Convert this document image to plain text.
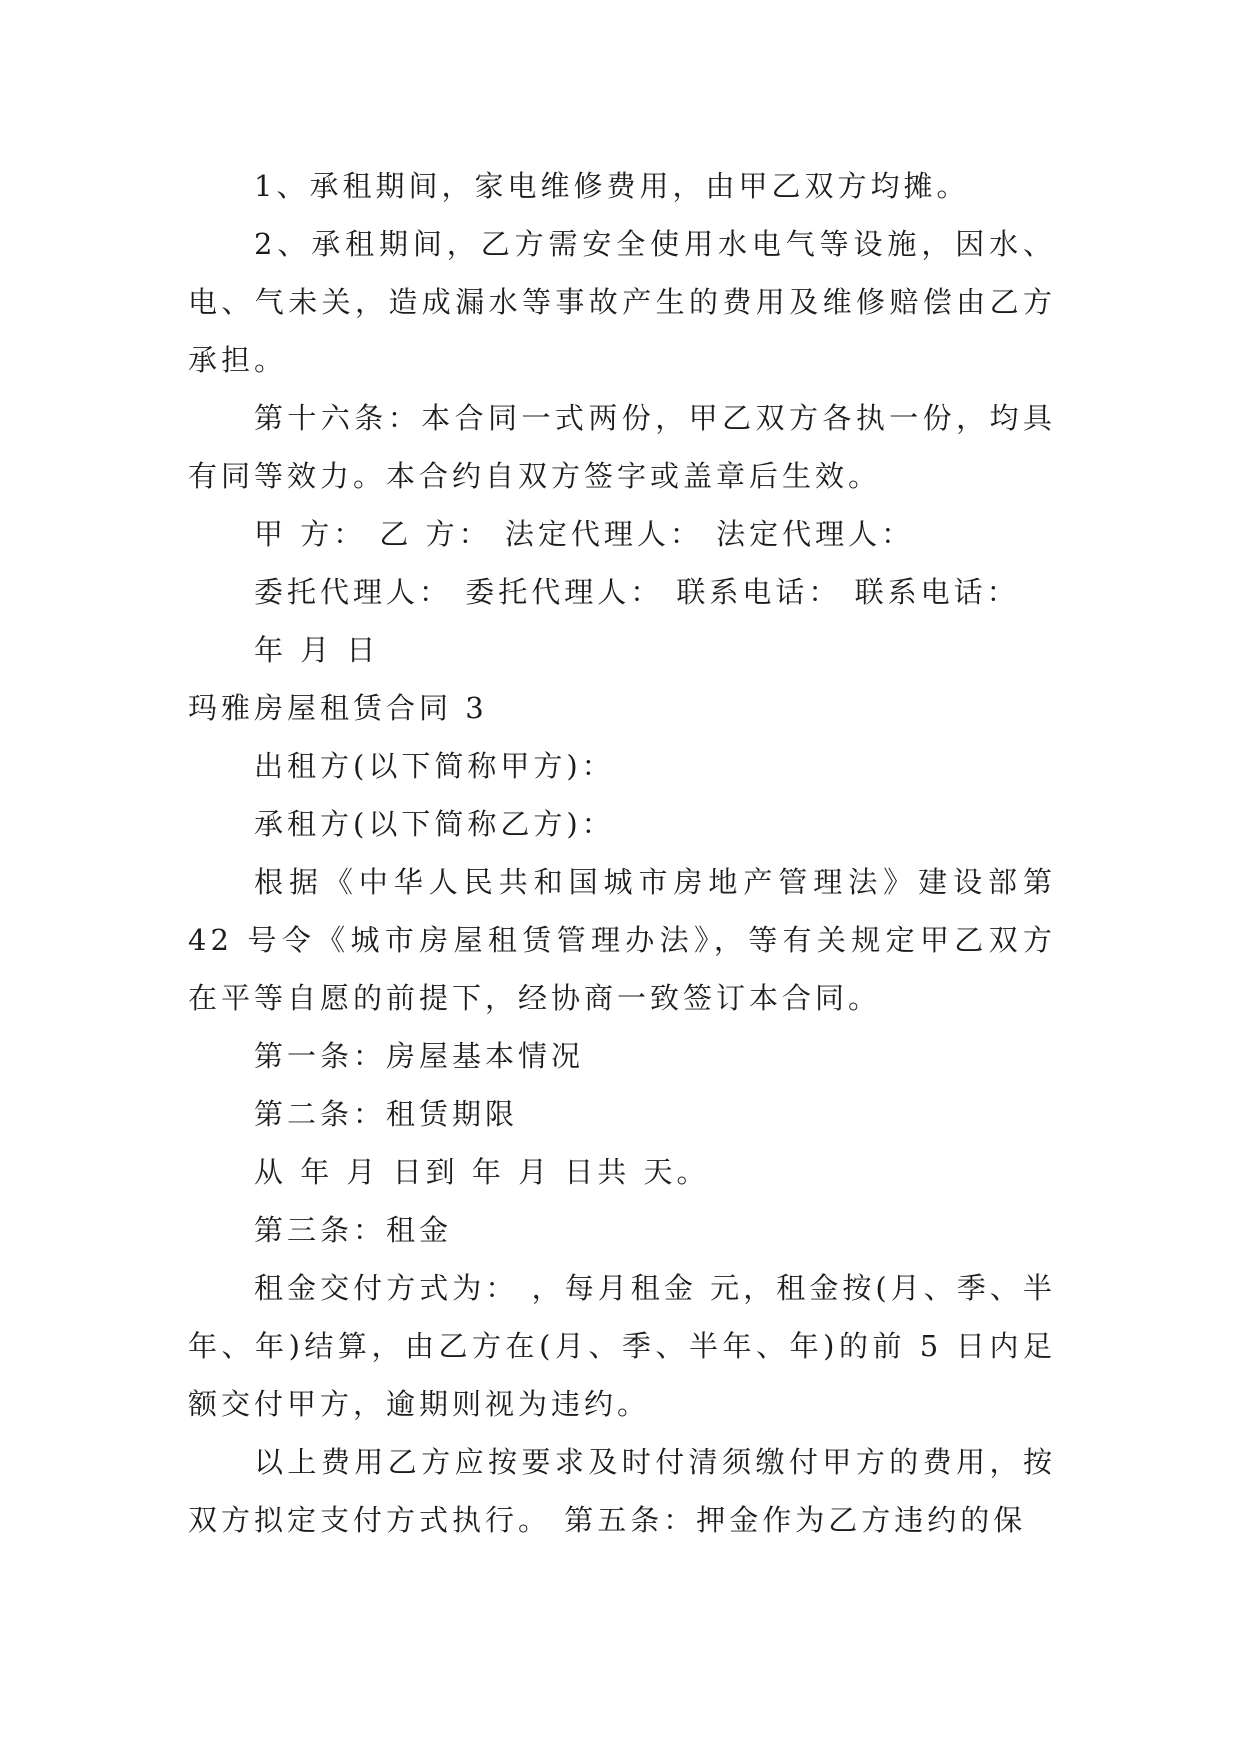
1、承租期间，家电维修费用，由甲乙双方均摊。

2、承租期间，乙方需安全使用水电气等设施，因水、电、气未关，造成漏水等事故产生的费用及维修赔偿由乙方承担。

第十六条：本合同一式两份，甲乙双方各执一份，均具有同等效力。本合约自双方签字或盖章后生效。

甲 方： 乙 方： 法定代理人： 法定代理人：

委托代理人： 委托代理人： 联系电话： 联系电话：

年 月 日

玛雅房屋租赁合同 3

出租方(以下简称甲方)：

承租方(以下简称乙方)：

根据《中华人民共和国城市房地产管理法》建设部第 42 号令《城市房屋租赁管理办法》，等有关规定甲乙双方在平等自愿的前提下，经协商一致签订本合同。

第一条：房屋基本情况

第二条：租赁期限

从 年 月 日到 年 月 日共 天。

第三条：租金

租金交付方式为： ，每月租金 元，租金按(月、季、半年、年)结算，由乙方在(月、季、半年、年)的前 5 日内足额交付甲方，逾期则视为违约。

以上费用乙方应按要求及时付清须缴付甲方的费用，按双方拟定支付方式执行。 第五条：押金作为乙方违约的保
